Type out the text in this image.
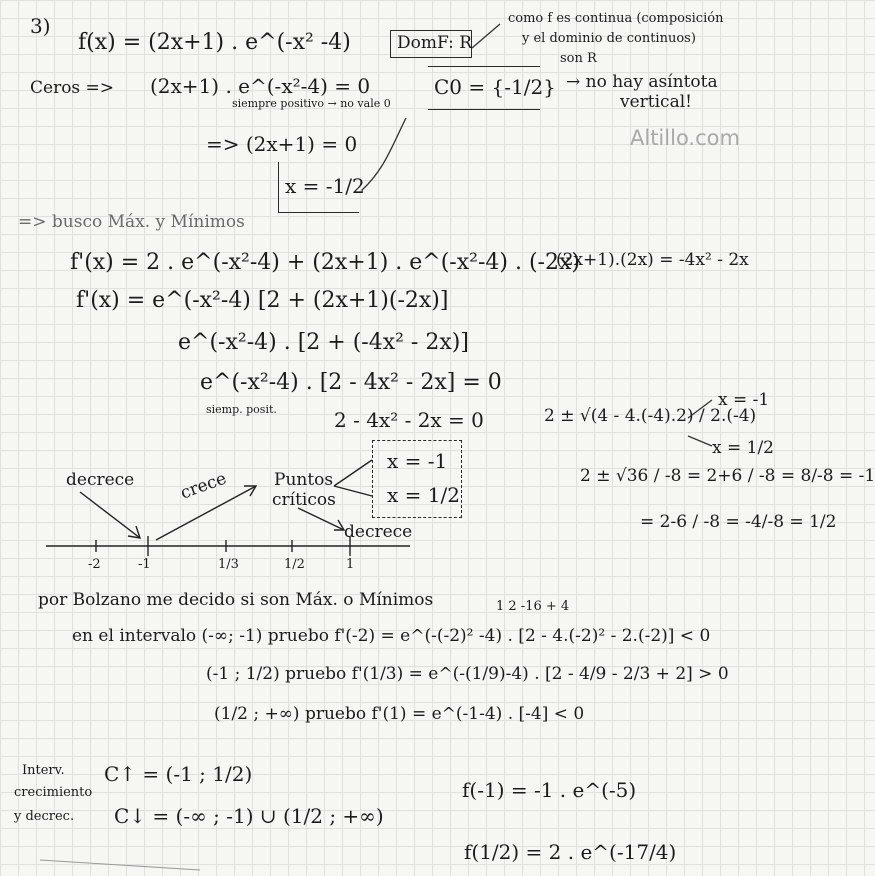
Altillo.com
3)
f(x) = (2x+1) . e^(-x² -4)	DomF: R
como f es continua (composición
y el dominio de continuos)
son R
Ceros => (2x+1) . e^(-x²-4) = 0
siempre positivo → no vale 0
C0 = {-1/2} → no hay asíntota
vertical!
=> (2x+1) = 0
x = -1/2
=> busco Máx. y Mínimos
f'(x) = 2 . e^(-x²-4) + (2x+1) . e^(-x²-4) . (-2x)
(2x+1).(2x) = -4x² - 2x
f'(x) = e^(-x²-4) [2 + (2x+1)(-2x)]
e^(-x²-4) . [2 + (-4x² - 2x)]
e^(-x²-4) . [2 - 4x² - 2x] = 0
siemp. posit.	2 - 4x² - 2x = 0	2 ± √(4 - 4.(-4).2) / 2.(-4)
x = -1
x = 1/2
2 ± √36 / -8 = 2+6 / -8 = 8/-8 = -1
= 2-6 / -8 = -4/-8 = 1/2
Puntos
críticos
x = -1
x = 1/2
decrece	crece
decrece
-2	-1	1/3	1/2	1
por Bolzano me decido si son Máx. o Mínimos	1 2 -16 + 4
en el intervalo (-∞; -1) pruebo f'(-2) = e^(-(-2)² -4) . [2 - 4.(-2)² - 2.(-2)] < 0
(-1 ; 1/2) pruebo f'(1/3) = e^(-(1/9)-4) . [2 - 4/9 - 2/3 + 2] > 0
(1/2 ; +∞) pruebo f'(1) = e^(-1-4) . [-4] < 0
Interv.
crecimiento
y decrec.
C↑ = (-1 ; 1/2)
C↓ = (-∞ ; -1) ∪ (1/2 ; +∞)
f(-1) = -1 . e^(-5)
f(1/2) = 2 . e^(-17/4)
